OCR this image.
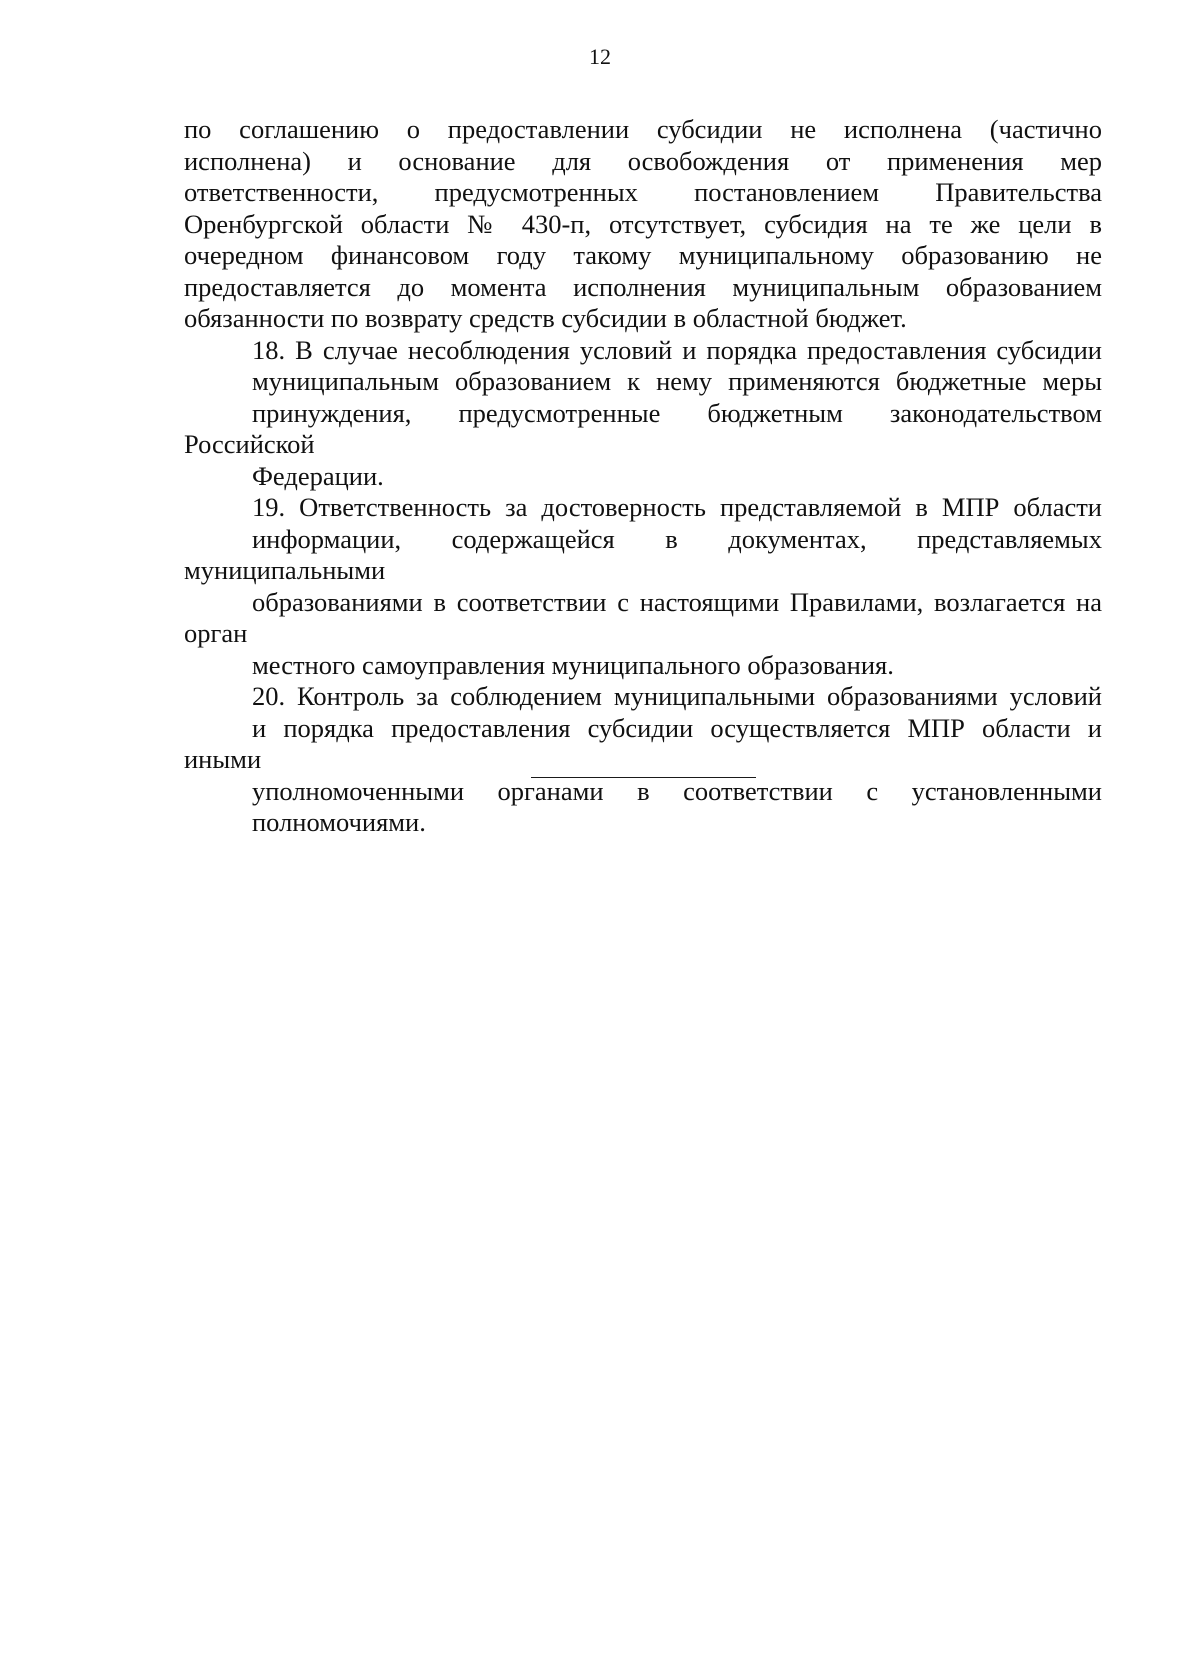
12
по соглашению о предоставлении субсидии не исполнена (частично
исполнена) и основание для освобождения от применения мер
ответственности, предусмотренных постановлением Правительства
Оренбургской области № 430-п, отсутствует, субсидия на те же цели в
очередном финансовом году такому муниципальному образованию не
предоставляется до момента исполнения муниципальным образованием
обязанности по возврату средств субсидии в областной бюджет.
18. В случае несоблюдения условий и порядка предоставления субсидии
муниципальным образованием к нему применяются бюджетные меры
принуждения, предусмотренные бюджетным законодательством Российской
Федерации.
19. Ответственность за достоверность представляемой в МПР области
информации, содержащейся в документах, представляемых муниципальными
образованиями в соответствии с настоящими Правилами, возлагается на орган
местного самоуправления муниципального образования.
20. Контроль за соблюдением муниципальными образованиями условий
и порядка предоставления субсидии осуществляется МПР области и иными
уполномоченными органами в соответствии с установленными
полномочиями.
